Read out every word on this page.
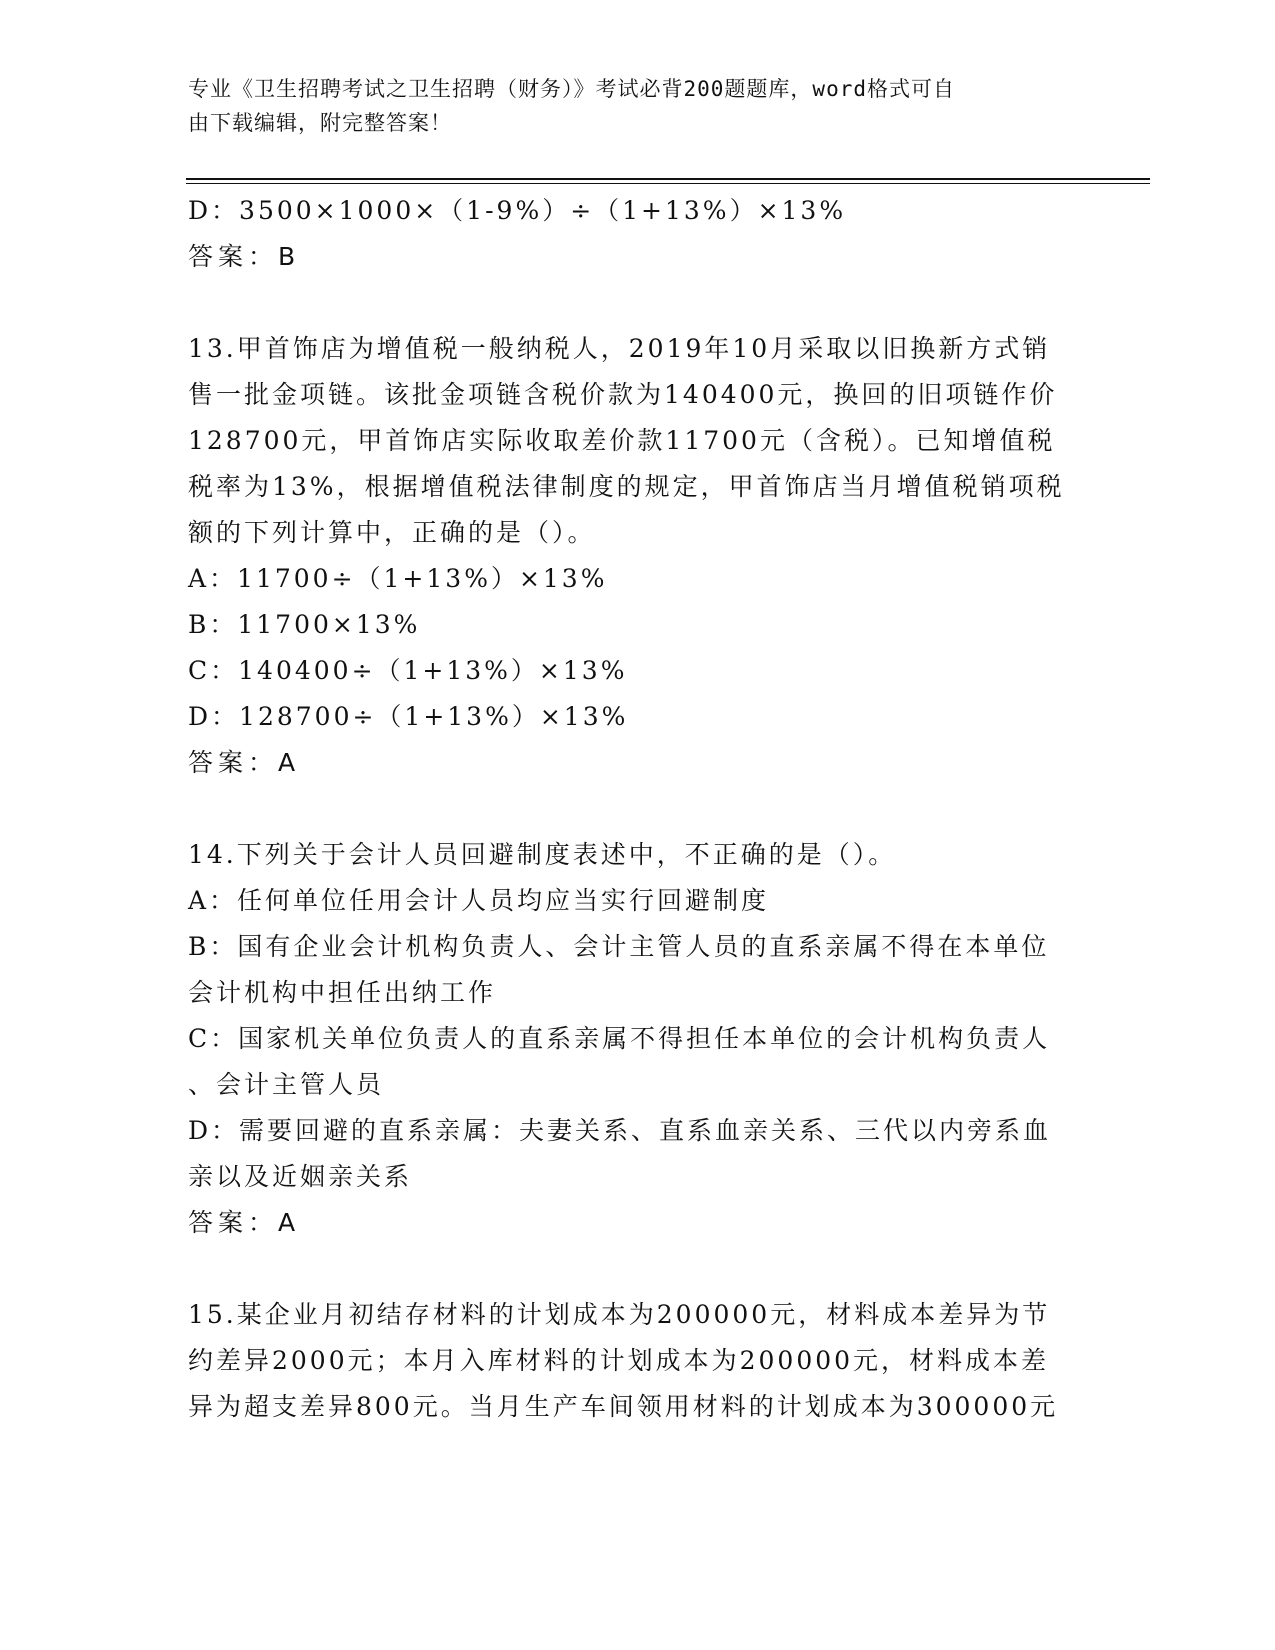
专业《卫生招聘考试之卫生招聘（财务）》考试必背200题题库，word格式可自
由下载编辑，附完整答案！

D：3500×1000×（1-9%）÷（1+13%）×13%

答案：B

13.甲首饰店为增值税一般纳税人，2019年10月采取以旧换新方式销

售一批金项链。该批金项链含税价款为140400元，换回的旧项链作价

128700元，甲首饰店实际收取差价款11700元（含税）。已知增值税

税率为13%，根据增值税法律制度的规定，甲首饰店当月增值税销项税

额的下列计算中，正确的是（）。

A：11700÷（1+13%）×13%

B：11700×13%

C：140400÷（1+13%）×13%

D：128700÷（1+13%）×13%

答案：A

14.下列关于会计人员回避制度表述中，不正确的是（）。

A：任何单位任用会计人员均应当实行回避制度

B：国有企业会计机构负责人、会计主管人员的直系亲属不得在本单位

会计机构中担任出纳工作

C：国家机关单位负责人的直系亲属不得担任本单位的会计机构负责人

、会计主管人员

D：需要回避的直系亲属：夫妻关系、直系血亲关系、三代以内旁系血

亲以及近姻亲关系

答案：A

15.某企业月初结存材料的计划成本为200000元，材料成本差异为节

约差异2000元；本月入库材料的计划成本为200000元，材料成本差

异为超支差异800元。当月生产车间领用材料的计划成本为300000元
